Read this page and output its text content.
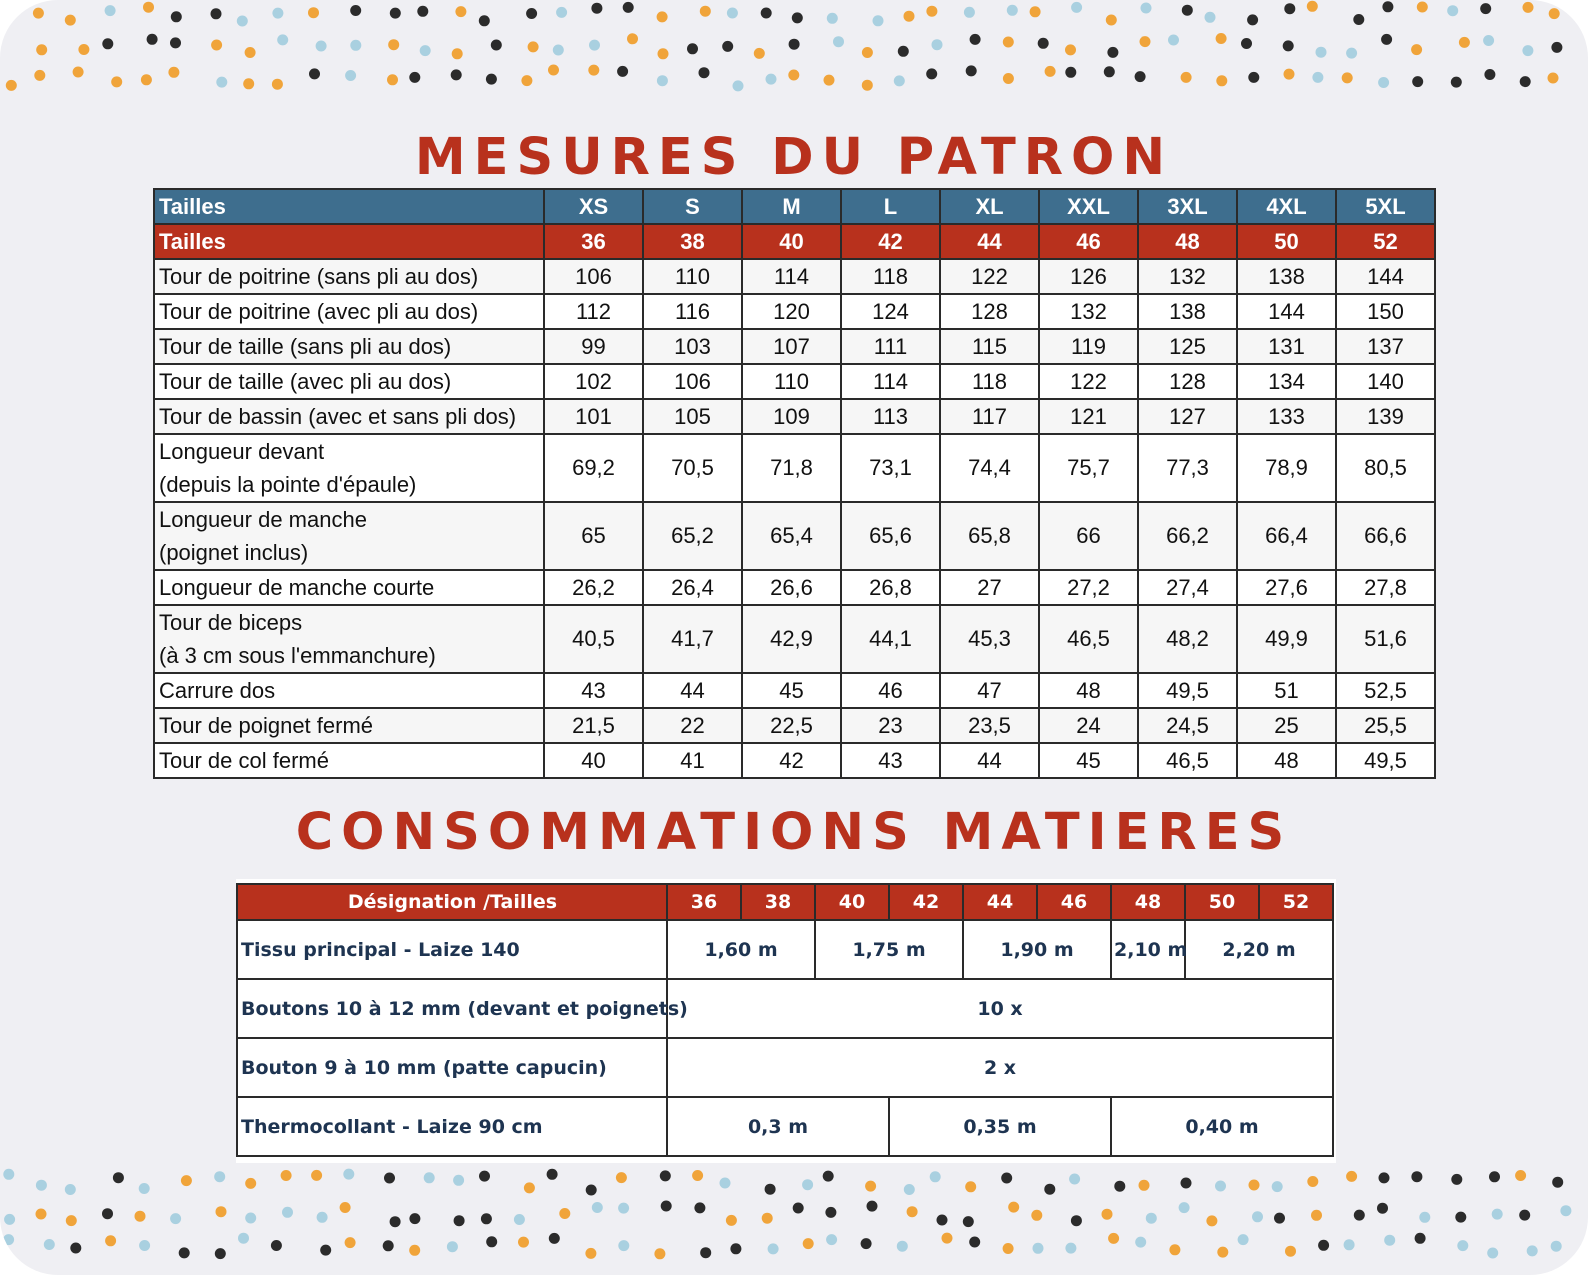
MESURES DU PATRON
Tailles	XS	S	M	L	XL	XXL	3XL	4XL	5XL
Tailles	36	38	40	42	44	46	48	50	52

Tour de poitrine (sans pli au dos)	106	110	114	118	122	126	132	138	144

Tour de poitrine (avec pli au dos)	112	116	120	124	128	132	138	144	150

Tour de taille (sans pli au dos)	99	103	107	111	115	119	125	131	137

Tour de taille (avec pli au dos)	102	106	110	114	118	122	128	134	140

Tour de bassin (avec et sans pli dos)	101	105	109	113	117	121	127	133	139

Longueur devant
(depuis la pointe d'épaule)	69,2	70,5	71,8	73,1	74,4	75,7	77,3	78,9	80,5

Longueur de manche
(poignet inclus)	65	65,2	65,4	65,6	65,8	66	66,2	66,4	66,6

Longueur de manche courte	26,2	26,4	26,6	26,8	27	27,2	27,4	27,6	27,8

Tour de biceps
(à 3 cm sous l'emmanchure)	40,5	41,7	42,9	44,1	45,3	46,5	48,2	49,9	51,6

Carrure dos	43	44	45	46	47	48	49,5	51	52,5

Tour de poignet fermé	21,5	22	22,5	23	23,5	24	24,5	25	25,5

Tour de col fermé	40	41	42	43	44	45	46,5	48	49,5
CONSOMMATIONS MATIERES
Désignation /Tailles	36	38	40	42	44	46	48	50	52
Tissu principal - Laize 140	1,60 m		1,75 m		1,90 m		2,10 m	2,20 m	
Boutons 10 à 12 mm (devant et poignets)	10 x								
Bouton 9 à 10 mm (patte capucin)	2 x								
Thermocollant - Laize 90 cm	0,3 m			0,35 m			0,40 m		
